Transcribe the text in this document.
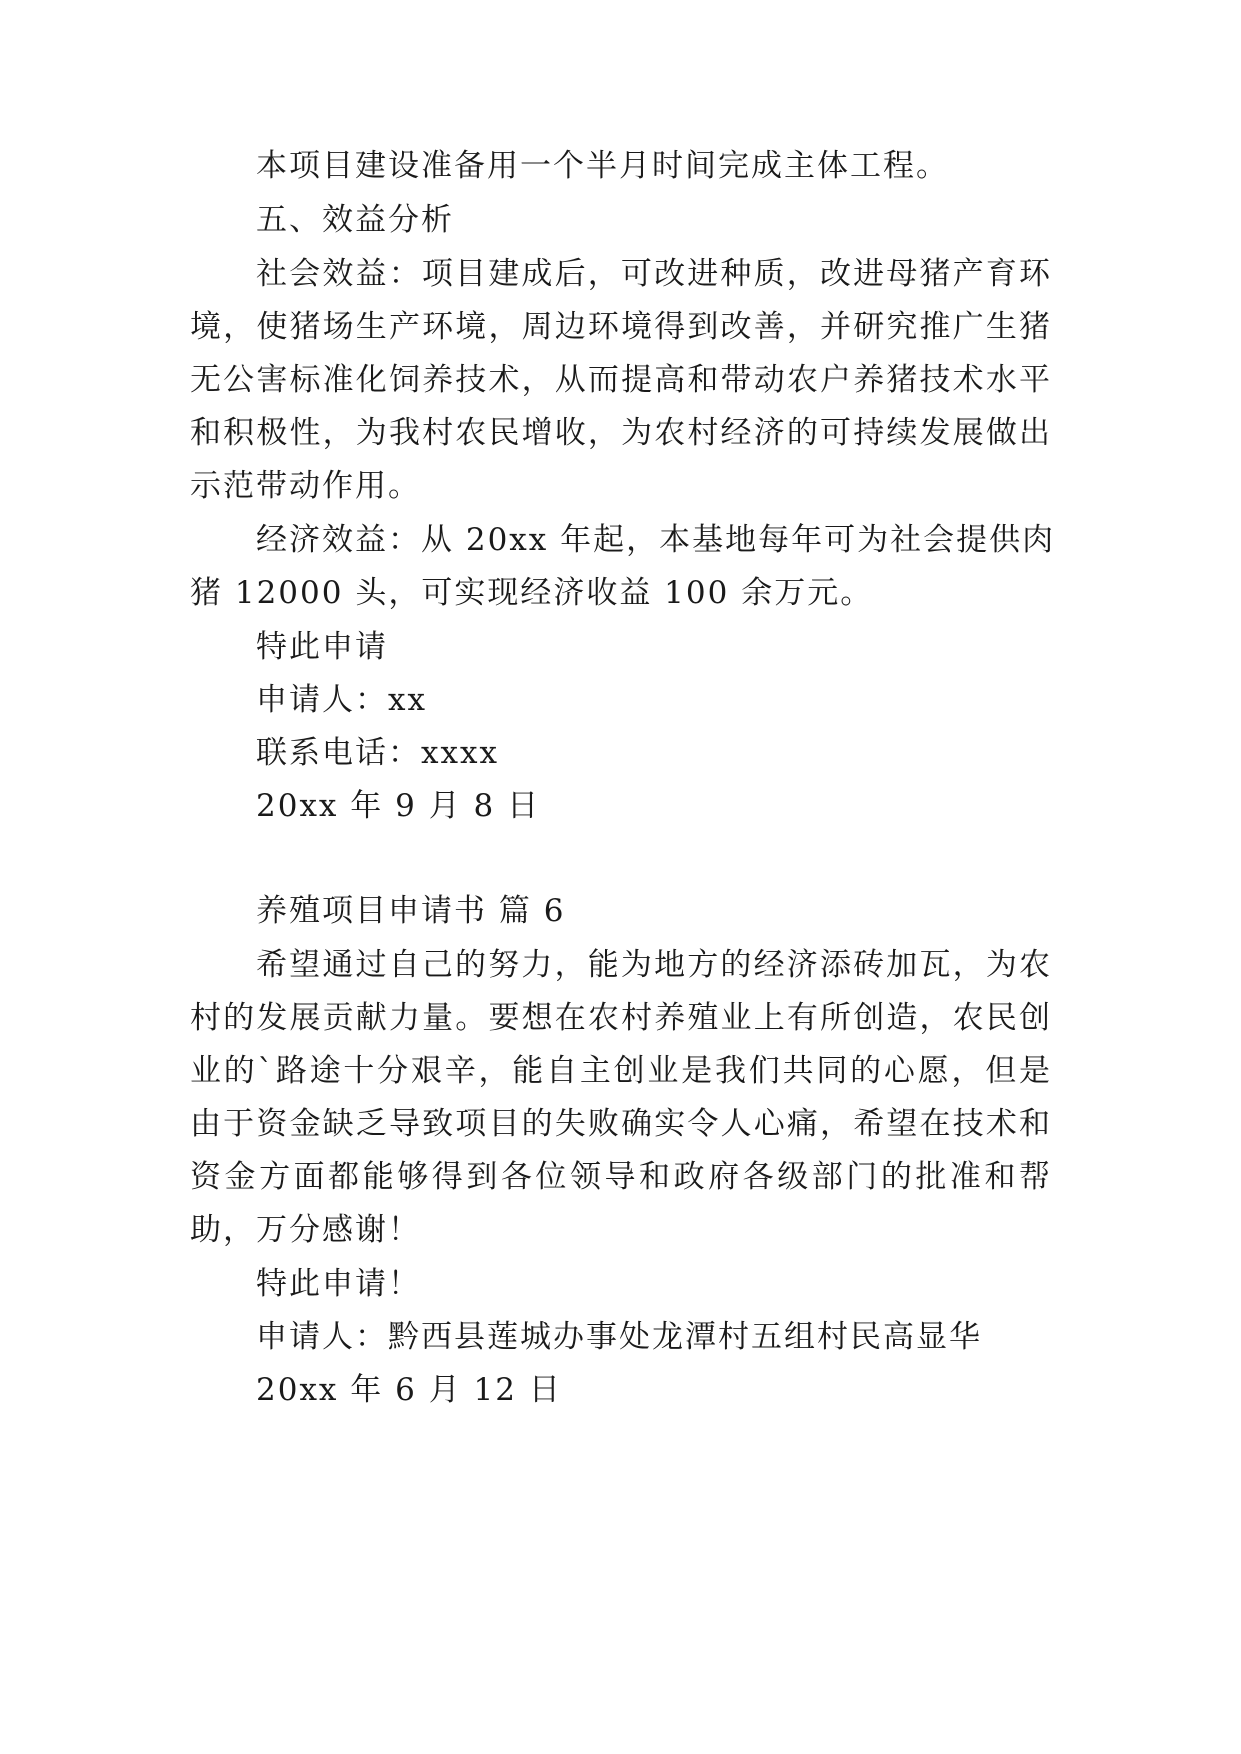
本项目建设准备用一个半月时间完成主体工程。
五、效益分析
社会效益：项目建成后，可改进种质，改进母猪产育环
境，使猪场生产环境，周边环境得到改善，并研究推广生猪
无公害标准化饲养技术，从而提高和带动农户养猪技术水平
和积极性，为我村农民增收，为农村经济的可持续发展做出
示范带动作用。
经济效益：从 20xx 年起，本基地每年可为社会提供肉
猪 12000 头，可实现经济收益 100 余万元。
特此申请
申请人：xx
联系电话：xxxx
20xx 年 9 月 8 日
养殖项目申请书 篇 6
希望通过自己的努力，能为地方的经济添砖加瓦，为农
村的发展贡献力量。要想在农村养殖业上有所创造，农民创
业的`路途十分艰辛，能自主创业是我们共同的心愿，但是
由于资金缺乏导致项目的失败确实令人心痛，希望在技术和
资金方面都能够得到各位领导和政府各级部门的批准和帮
助，万分感谢！
特此申请！
申请人：黔西县莲城办事处龙潭村五组村民高显华
20xx 年 6 月 12 日
